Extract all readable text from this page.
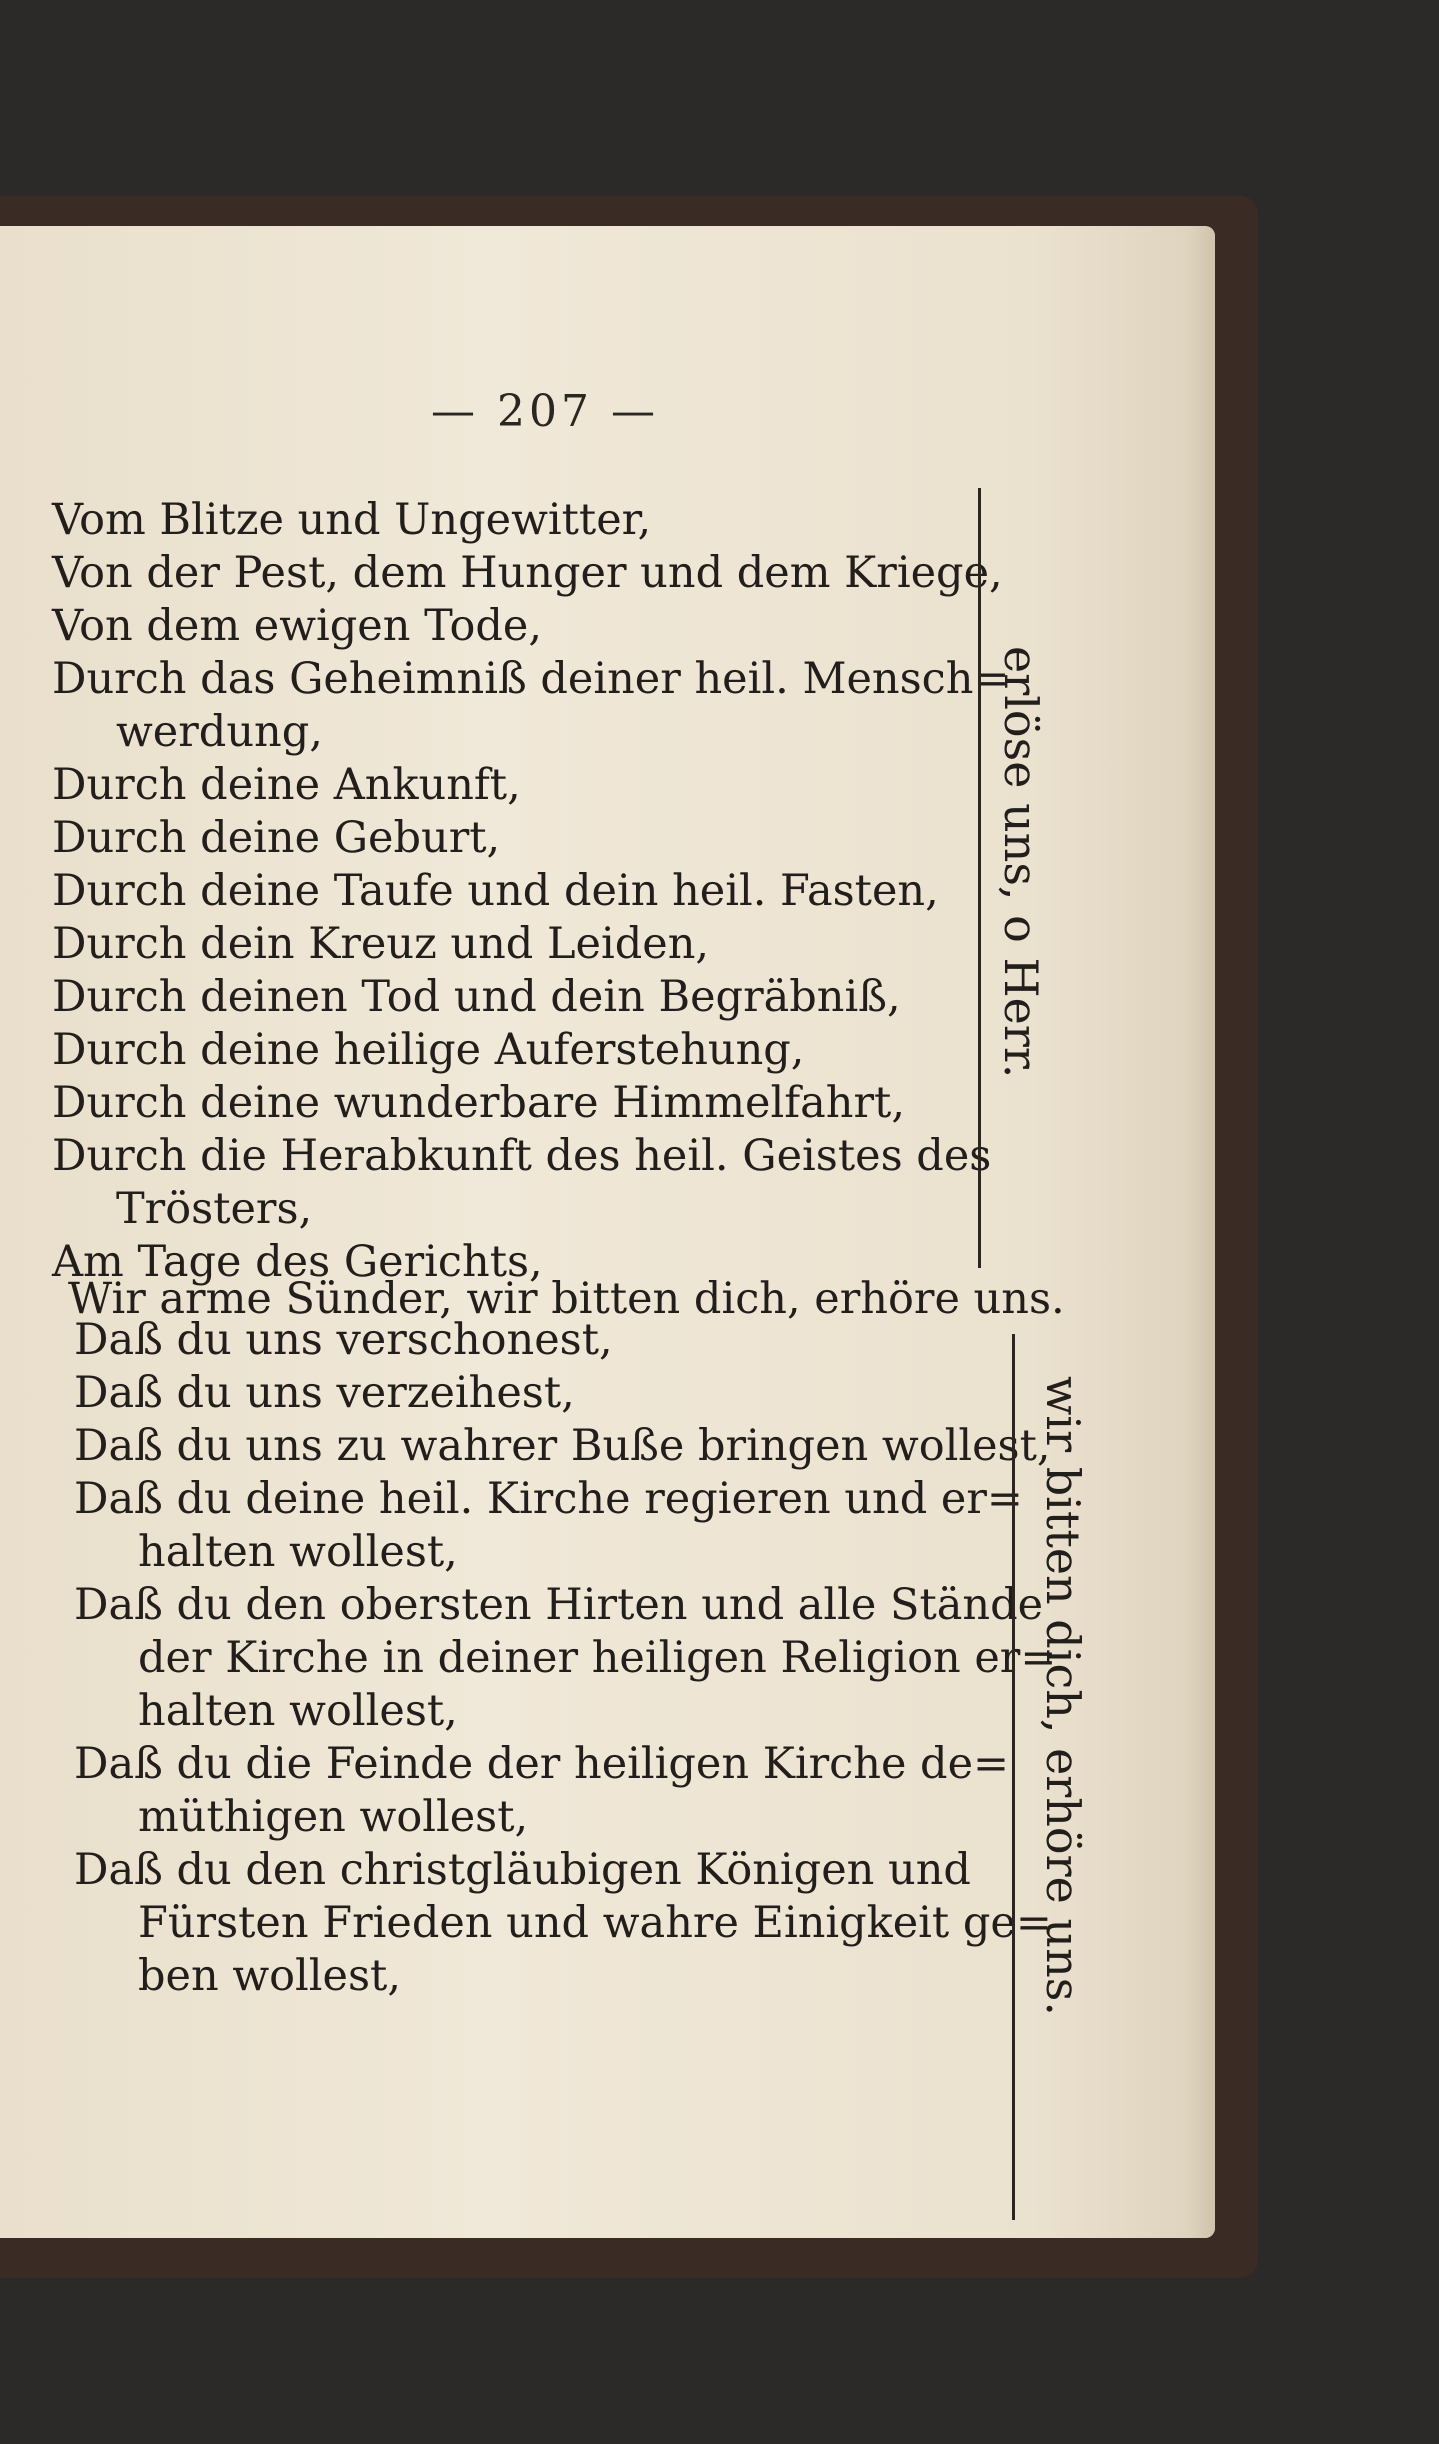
— 207 —
Vom Blitze und Ungewitter,
Von der Pest, dem Hunger und dem Kriege,
Von dem ewigen Tode,
Durch das Geheimniß deiner heil. Mensch=
werdung,
Durch deine Ankunft,
Durch deine Geburt,
Durch deine Taufe und dein heil. Fasten,
Durch dein Kreuz und Leiden,
Durch deinen Tod und dein Begräbniß,
Durch deine heilige Auferstehung,
Durch deine wunderbare Himmelfahrt,
Durch die Herabkunft des heil. Geistes des
Trösters,
Am Tage des Gerichts,
erlöse uns, o Herr.
Wir arme Sünder, wir bitten dich, erhöre uns.
Daß du uns verschonest,
Daß du uns verzeihest,
Daß du uns zu wahrer Buße bringen wollest,
Daß du deine heil. Kirche regieren und er=
halten wollest,
Daß du den obersten Hirten und alle Stände
der Kirche in deiner heiligen Religion er=
halten wollest,
Daß du die Feinde der heiligen Kirche de=
müthigen wollest,
Daß du den christgläubigen Königen und
Fürsten Frieden und wahre Einigkeit ge=
ben wollest,	wir bitten dich, erhöre uns.
